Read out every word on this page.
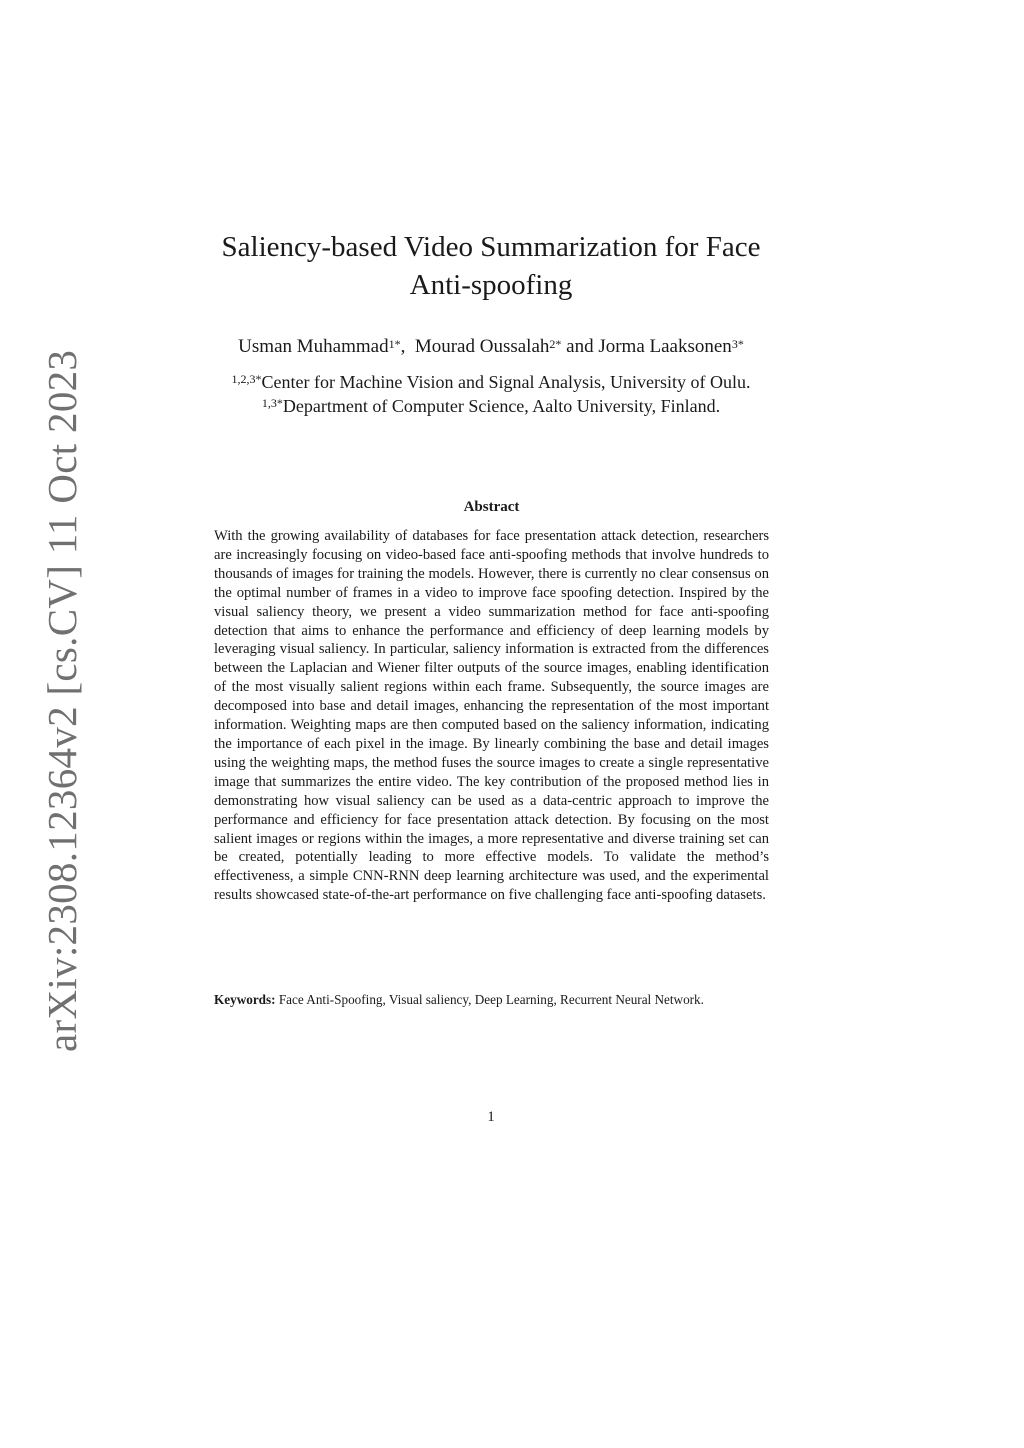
arXiv:2308.12364v2 [cs.CV] 11 Oct 2023
Saliency-based Video Summarization for Face
Anti-spoofing
Usman Muhammad$^{1*}$,  Mourad Oussalah$^{2*}$ and Jorma Laaksonen$^{3*}$
$^{1,2,3*}$Center for Machine Vision and Signal Analysis, University of Oulu.
$^{1,3*}$Department of Computer Science, Aalto University, Finland.
Abstract

With the growing availability of databases for face presentation attack detection, researchers are increasingly focusing on video-based face anti-spoofing methods that involve hundreds to thousands of images for training the models. However, there is currently no clear consensus on the optimal number of frames in a video to improve face spoofing detection. Inspired by the visual saliency theory, we present a video summarization method for face anti-spoofing detection that aims to enhance the performance and efficiency of deep learning models by leveraging visual saliency. In particular, saliency information is extracted from the differences between the Laplacian and Wiener filter outputs of the source images, enabling identification of the most visually salient regions within each frame. Subsequently, the source images are decomposed into base and detail images, enhancing the representation of the most important information. Weighting maps are then computed based on the saliency information, indicating the importance of each pixel in the image. By linearly combining the base and detail images using the weighting maps, the method fuses the source images to create a single representative image that summarizes the entire video. The key contribution of the proposed method lies in demonstrating how visual saliency can be used as a data-centric approach to improve the performance and efficiency for face presentation attack detection. By focusing on the most salient images or regions within the images, a more representative and diverse training set can be created, potentially leading to more effective models. To validate the method’s effectiveness, a simple CNN-RNN deep learning architecture was used, and the experimental results showcased state-of-the-art performance on five challenging face anti-spoofing datasets.

Keywords: Face Anti-Spoofing, Visual saliency, Deep Learning, Recurrent Neural Network.

1
